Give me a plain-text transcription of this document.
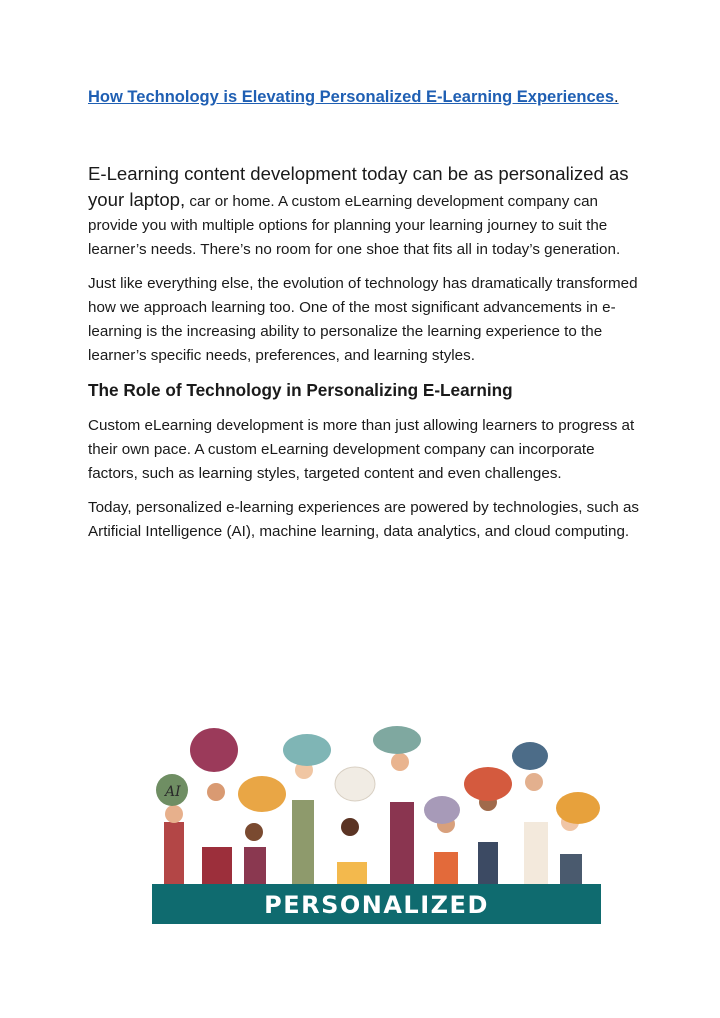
How Technology is Elevating Personalized E-Learning Experiences.

E-Learning content development today can be as personalized as your laptop, car or home. A custom eLearning development company can provide you with multiple options for planning your learning journey to suit the learner’s needs. There’s no room for one shoe that fits all in today’s generation.

Just like everything else, the evolution of technology has dramatically transformed how we approach learning too. One of the most significant advancements in e-learning is the increasing ability to personalize the learning experience to the learner’s specific needs, preferences, and learning styles.

The Role of Technology in Personalizing E-Learning

Custom eLearning development is more than just allowing learners to progress at their own pace. A custom eLearning development company can incorporate factors, such as learning styles, targeted content and even challenges.

Today, personalized e-learning experiences are powered by technologies, such as Artificial Intelligence (AI), machine learning, data analytics, and cloud computing.

AI
PERSONALIZED
